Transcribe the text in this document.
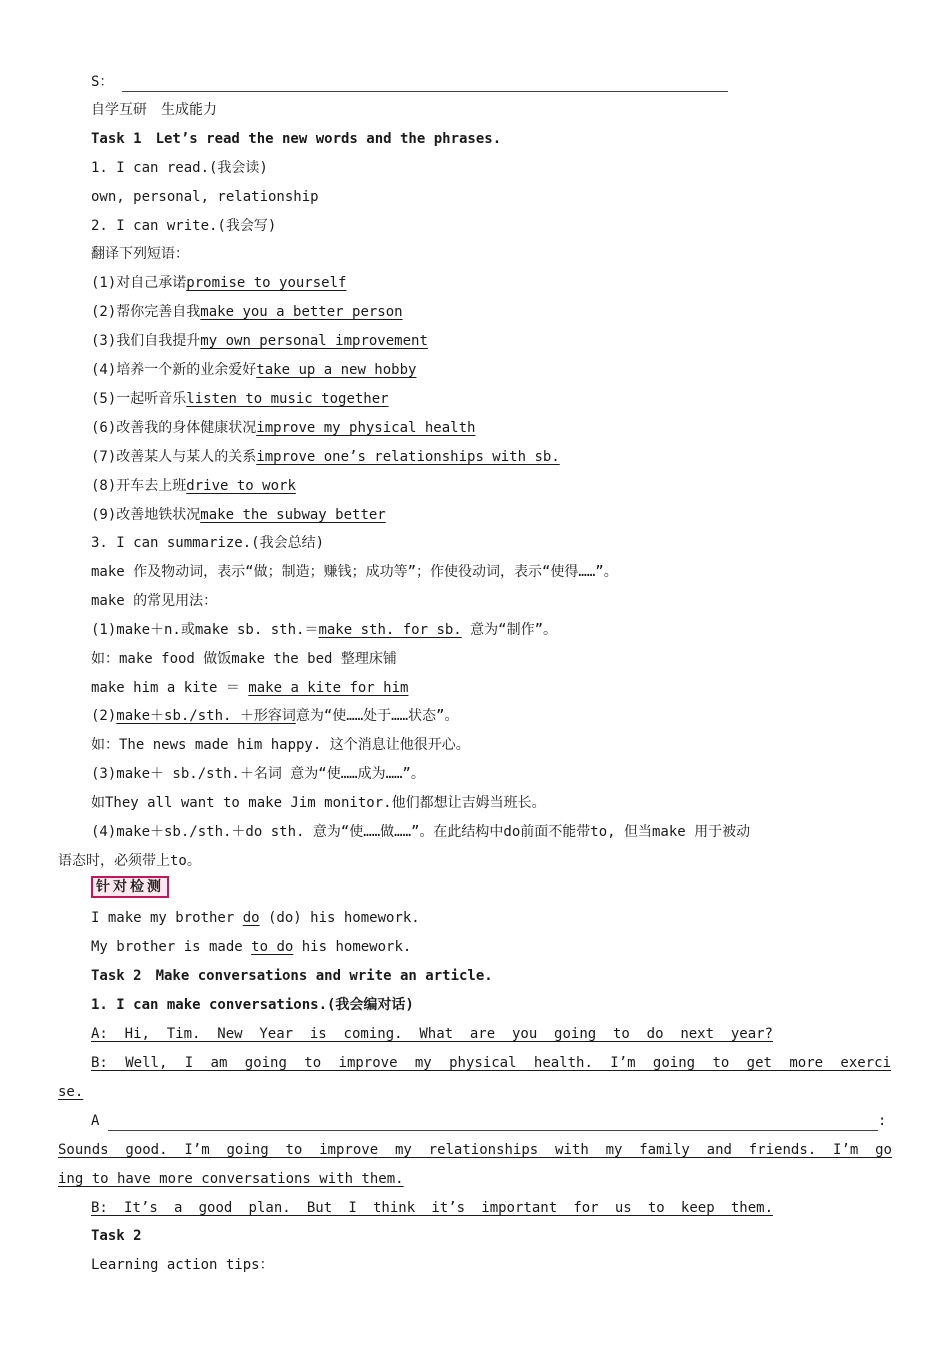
S：
自学互研　生成能力
Task 1　Let’s read the new words and the phrases.
1. I can read.(我会读)
own, personal, relationship
2. I can write.(我会写)
翻译下列短语：
(1)对自己承诺promise to yourself
(2)帮你完善自我make you a better person
(3)我们自我提升my own personal improvement
(4)培养一个新的业余爱好take up a new hobby
(5)一起听音乐listen to music together
(6)改善我的身体健康状况improve my physical health
(7)改善某人与某人的关系improve one’s relationships with sb.
(8)开车去上班drive to work
(9)改善地铁状况make the subway better
3. I can summarize.(我会总结)
make 作及物动词，表示“做；制造；赚钱；成功等”；作使役动词，表示“使得……”。
make 的常见用法：
(1)make＋n.或make sb. sth.＝make sth. for sb. 意为“制作”。
如：make food 做饭make the bed 整理床铺
make him a kite ＝ make a kite for him
(2)make＋sb./sth. ＋形容词意为“使……处于……状态”。
如：The news made him happy. 这个消息让他很开心。
(3)make＋ sb./sth.＋名词 意为“使……成为……”。
如They all want to make Jim monitor.他们都想让吉姆当班长。
(4)make＋sb./sth.＋do sth. 意为“使……做……”。在此结构中do前面不能带to, 但当make 用于被动
语态时，必须带上to。
针对检测
I make my brother do (do) his homework.
My brother is made to do his homework.
Task 2　Make conversations and write an article.
1. I can make conversations.(我会编对话)
A: Hi, Tim. New Year is coming. What are you going to do next year?
B: Well, I am going to improve my physical health. I’m going to get more exerci
se.
A	:
Sounds good. I’m going to improve my relationships with my family and friends. I’m go
ing to have more conversations with them.
B: It’s a good plan. But I think it’s important for us to keep them.
Task 2
Learning action tips：
